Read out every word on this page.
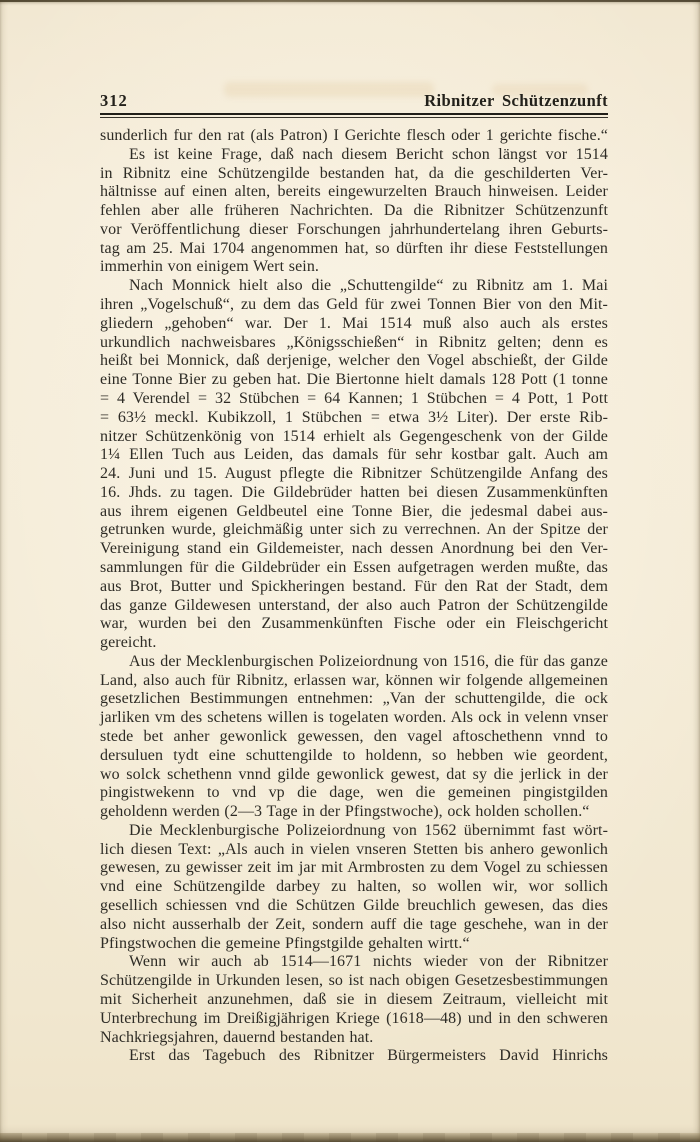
312	Ribnitzer Schützenzunft
sunderlich fur den rat (als Patron) I Gerichte flesch oder 1 gerichte fische.“
Es ist keine Frage, daß nach diesem Bericht schon längst vor 1514
in Ribnitz eine Schützengilde bestanden hat, da die geschilderten Ver-
hältnisse auf einen alten, bereits eingewurzelten Brauch hinweisen. Leider
fehlen aber alle früheren Nachrichten. Da die Ribnitzer Schützenzunft
vor Veröffentlichung dieser Forschungen jahrhundertelang ihren Geburts-
tag am 25. Mai 1704 angenommen hat, so dürften ihr diese Feststellungen
immerhin von einigem Wert sein.
Nach Monnick hielt also die „Schuttengilde“ zu Ribnitz am 1. Mai
ihren „Vogelschuß“, zu dem das Geld für zwei Tonnen Bier von den Mit-
gliedern „gehoben“ war. Der 1. Mai 1514 muß also auch als erstes
urkundlich nachweisbares „Königsschießen“ in Ribnitz gelten; denn es
heißt bei Monnick, daß derjenige, welcher den Vogel abschießt, der Gilde
eine Tonne Bier zu geben hat. Die Biertonne hielt damals 128 Pott (1 tonne
= 4 Verendel = 32 Stübchen = 64 Kannen; 1 Stübchen = 4 Pott, 1 Pott
= 63½ meckl. Kubikzoll, 1 Stübchen = etwa 3½ Liter). Der erste Rib-
nitzer Schützenkönig von 1514 erhielt als Gegengeschenk von der Gilde
1¼ Ellen Tuch aus Leiden, das damals für sehr kostbar galt. Auch am
24. Juni und 15. August pflegte die Ribnitzer Schützengilde Anfang des
16. Jhds. zu tagen. Die Gildebrüder hatten bei diesen Zusammenkünften
aus ihrem eigenen Geldbeutel eine Tonne Bier, die jedesmal dabei aus-
getrunken wurde, gleichmäßig unter sich zu verrechnen. An der Spitze der
Vereinigung stand ein Gildemeister, nach dessen Anordnung bei den Ver-
sammlungen für die Gildebrüder ein Essen aufgetragen werden mußte, das
aus Brot, Butter und Spickheringen bestand. Für den Rat der Stadt, dem
das ganze Gildewesen unterstand, der also auch Patron der Schützengilde
war, wurden bei den Zusammenkünften Fische oder ein Fleischgericht
gereicht.
Aus der Mecklenburgischen Polizeiordnung von 1516, die für das ganze
Land, also auch für Ribnitz, erlassen war, können wir folgende allgemeinen
gesetzlichen Bestimmungen entnehmen: „Van der schuttengilde, die ock
jarliken vm des schetens willen is togelaten worden. Als ock in velenn vnser
stede bet anher gewonlick gewessen, den vagel aftoschethenn vnnd to
dersuluen tydt eine schuttengilde to holdenn, so hebben wie geordent,
wo solck schethenn vnnd gilde gewonlick gewest, dat sy die jerlick in der
pingistwekenn to vnd vp die dage, wen die gemeinen pingistgilden
geholdenn werden (2—3 Tage in der Pfingstwoche), ock holden schollen.“
Die Mecklenburgische Polizeiordnung von 1562 übernimmt fast wört-
lich diesen Text: „Als auch in vielen vnseren Stetten bis anhero gewonlich
gewesen, zu gewisser zeit im jar mit Armbrosten zu dem Vogel zu schiessen
vnd eine Schützengilde darbey zu halten, so wollen wir, wor sollich
gesellich schiessen vnd die Schützen Gilde breuchlich gewesen, das dies
also nicht ausserhalb der Zeit, sondern auff die tage geschehe, wan in der
Pfingstwochen die gemeine Pfingstgilde gehalten wirtt.“
Wenn wir auch ab 1514—1671 nichts wieder von der Ribnitzer
Schützengilde in Urkunden lesen, so ist nach obigen Gesetzesbestimmungen
mit Sicherheit anzunehmen, daß sie in diesem Zeitraum, vielleicht mit
Unterbrechung im Dreißigjährigen Kriege (1618—48) und in den schweren
Nachkriegsjahren, dauernd bestanden hat.
Erst das Tagebuch des Ribnitzer Bürgermeisters David Hinrichs
